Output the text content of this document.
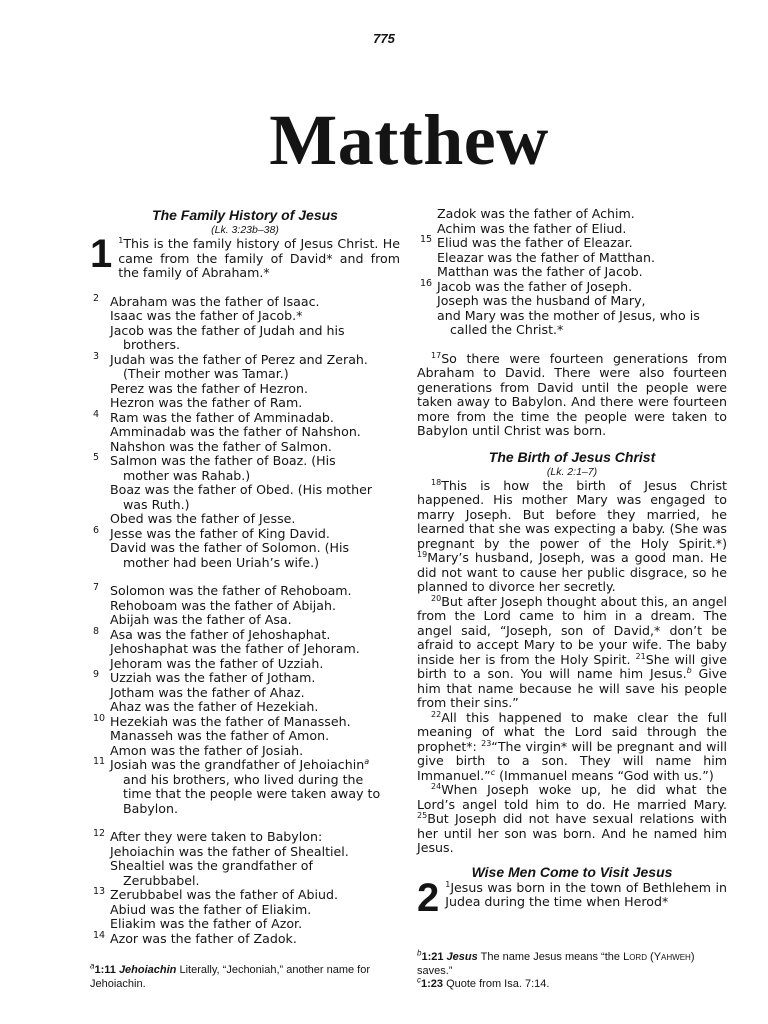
775
Matthew
The Family History of Jesus
(Lk. 3:23b–38)
1 $^1$This is the family history of Jesus Christ. He came from the family of David* and from the family of Abraham.*
2 Abraham was the father of Isaac.
Isaac was the father of Jacob.*
Jacob was the father of Judah and his
brothers.
3 Judah was the father of Perez and Zerah.
(Their mother was Tamar.)
Perez was the father of Hezron.
Hezron was the father of Ram.
4 Ram was the father of Amminadab.
Amminadab was the father of Nahshon.
Nahshon was the father of Salmon.
5 Salmon was the father of Boaz. (His
mother was Rahab.)
Boaz was the father of Obed. (His mother
was Ruth.)
Obed was the father of Jesse.
6 Jesse was the father of King David.
David was the father of Solomon. (His
mother had been Uriah’s wife.)
7 Solomon was the father of Rehoboam.
Rehoboam was the father of Abijah.
Abijah was the father of Asa.
8 Asa was the father of Jehoshaphat.
Jehoshaphat was the father of Jehoram.
Jehoram was the father of Uzziah.
9 Uzziah was the father of Jotham.
Jotham was the father of Ahaz.
Ahaz was the father of Hezekiah.
10 Hezekiah was the father of Manasseh.
Manasseh was the father of Amon.
Amon was the father of Josiah.
11 Josiah was the grandfather of Jehoiachin$^a$
and his brothers, who lived during the
time that the people were taken away to
Babylon.
12 After they were taken to Babylon:
Jehoiachin was the father of Shealtiel.
Shealtiel was the grandfather of
Zerubbabel.
13 Zerubbabel was the father of Abiud.
Abiud was the father of Eliakim.
Eliakim was the father of Azor.
14 Azor was the father of Zadok.
Zadok was the father of Achim.
Achim was the father of Eliud.
15 Eliud was the father of Eleazar.
Eleazar was the father of Matthan.
Matthan was the father of Jacob.
16 Jacob was the father of Joseph.
Joseph was the husband of Mary,
and Mary was the mother of Jesus, who is
called the Christ.*
$^{17}$So there were fourteen generations from Abraham to David. There were also fourteen generations from David until the people were taken away to Babylon. And there were fourteen more from the time the people were taken to Babylon until Christ was born.
The Birth of Jesus Christ
(Lk. 2:1–7)
$^{18}$This is how the birth of Jesus Christ happened. His mother Mary was engaged to marry Joseph. But before they married, he learned that she was expecting a baby. (She was pregnant by the power of the Holy Spirit.*) $^{19}$Mary’s husband, Joseph, was a good man. He did not want to cause her public disgrace, so he planned to divorce her secretly.
$^{20}$But after Joseph thought about this, an angel from the Lord came to him in a dream. The angel said, “Joseph, son of David,* don’t be afraid to accept Mary to be your wife. The baby inside her is from the Holy Spirit. $^{21}$She will give birth to a son. You will name him Jesus.$^b$ Give him that name because he will save his people from their sins.”
$^{22}$All this happened to make clear the full meaning of what the Lord said through the prophet*: $^{23}$“The virgin* will be pregnant and will give birth to a son. They will name him Immanuel.”$^c$ (Immanuel means “God with us.”)
$^{24}$When Joseph woke up, he did what the Lord’s angel told him to do. He married Mary. $^{25}$But Joseph did not have sexual relations with her until her son was born. And he named him Jesus.
Wise Men Come to Visit Jesus
2 $^1$Jesus was born in the town of Bethlehem in Judea during the time when Herod*
$^a$1:11 Jehoiachin Literally, “Jechoniah,” another name for Jehoiachin.
$^b$1:21 Jesus The name Jesus means “the Lord (Yahweh) saves.”
$^c$1:23 Quote from Isa. 7:14.
